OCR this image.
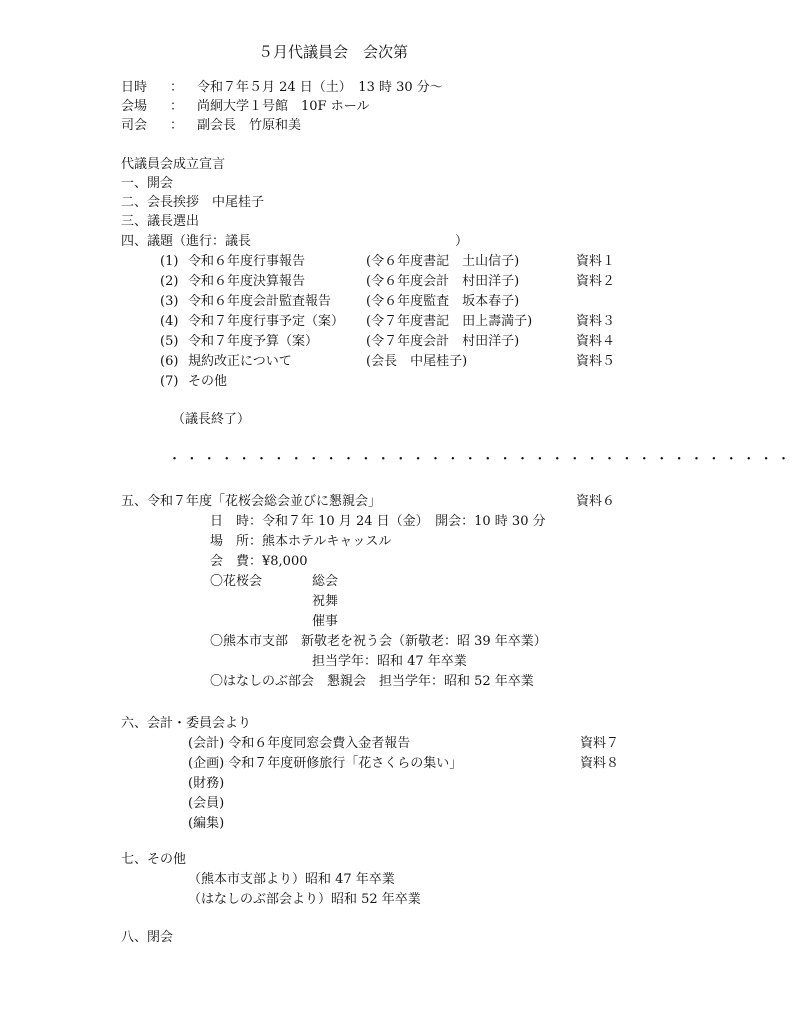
５月代議員会　会次第
日時 ： 令和７年５月 24 日（土）　13 時 30 分～
会場 ： 尚絅大学１号館　10F ホール
司会 ： 副会長　竹原和美
代議員会成立宣言
一、開会
二、会長挨拶　中尾桂子
三、議長選出
四、議題（進行：議長	）
(1) 令和６年度行事報告	(令６年度書記　土山信子)	資料１
(2) 令和６年度決算報告	(令６年度会計　村田洋子)	資料２
(3) 令和６年度会計監査報告	(令６年度監査　坂本春子)
(4) 令和７年度行事予定（案） (令７年度書記　田上壽満子)	資料３
(5) 令和７年度予算（案）	(令７年度会計　村田洋子)	資料４
(6) 規約改正について	(会長　中尾桂子)	資料５
(7) その他
（議長終了）
・・・・・・・・・・・・・・・・・・・・・・・・・・・・・・・・・・・・
五、令和７年度「花桜会総会並びに懇親会」	資料６
日　時：令和７年 10 月 24 日（金）　開会：10 時 30 分
場　所：熊本ホテルキャッスル
会　費：¥8,000
〇花桜会	総会
祝舞
催事
〇熊本市支部　新敬老を祝う会（新敬老：昭 39 年卒業）
担当学年：昭和 47 年卒業
〇はなしのぶ部会　懇親会　担当学年：昭和 52 年卒業
六、会計・委員会より
(会計) 令和６年度同窓会費入金者報告	資料７
(企画) 令和７年度研修旅行「花さくらの集い」	資料８
(財務)
(会員)
(編集)
七、その他
（熊本市支部より）昭和 47 年卒業
（はなしのぶ部会より）昭和 52 年卒業
八、閉会
